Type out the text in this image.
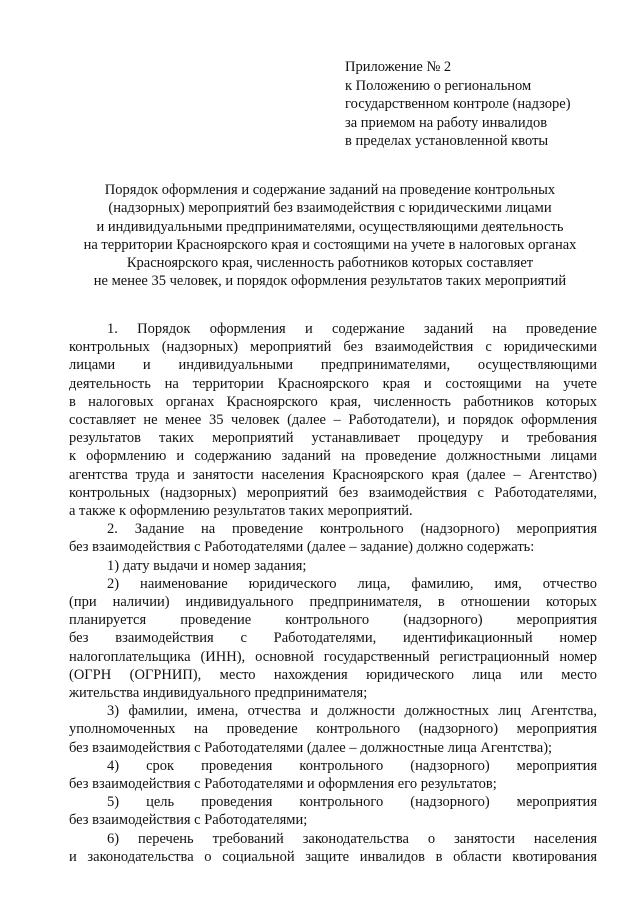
Приложение № 2
к Положению о региональном
государственном контроле (надзоре)
за приемом на работу инвалидов
в пределах установленной квоты
Порядок оформления и содержание заданий на проведение контрольных
(надзорных) мероприятий без взаимодействия с юридическими лицами
и индивидуальными предпринимателями, осуществляющими деятельность
на территории Красноярского края и состоящими на учете в налоговых органах
Красноярского края, численность работников которых составляет
не менее 35 человек, и порядок оформления результатов таких мероприятий
1. Порядок оформления и содержание заданий на проведение
контрольных (надзорных) мероприятий без взаимодействия с юридическими
лицами и индивидуальными предпринимателями, осуществляющими
деятельность на территории Красноярского края и состоящими на учете
в налоговых органах Красноярского края, численность работников которых
составляет не менее 35 человек (далее – Работодатели), и порядок оформления
результатов таких мероприятий устанавливает процедуру и требования
к оформлению и содержанию заданий на проведение должностными лицами
агентства труда и занятости населения Красноярского края (далее – Агентство)
контрольных (надзорных) мероприятий без взаимодействия с Работодателями,
а также к оформлению результатов таких мероприятий.
2. Задание на проведение контрольного (надзорного) мероприятия
без взаимодействия с Работодателями (далее – задание) должно содержать:
1) дату выдачи и номер задания;
2) наименование юридического лица, фамилию, имя, отчество
(при наличии) индивидуального предпринимателя, в отношении которых
планируется проведение контрольного (надзорного) мероприятия
без взаимодействия с Работодателями, идентификационный номер
налогоплательщика (ИНН), основной государственный регистрационный номер
(ОГРН (ОГРНИП), место нахождения юридического лица или место
жительства индивидуального предпринимателя;
3) фамилии, имена, отчества и должности должностных лиц Агентства,
уполномоченных на проведение контрольного (надзорного) мероприятия
без взаимодействия с Работодателями (далее – должностные лица Агентства);
4) срок проведения контрольного (надзорного) мероприятия
без взаимодействия с Работодателями и оформления его результатов;
5) цель проведения контрольного (надзорного) мероприятия
без взаимодействия с Работодателями;
6) перечень требований законодательства о занятости населения
и законодательства о социальной защите инвалидов в области квотирования
